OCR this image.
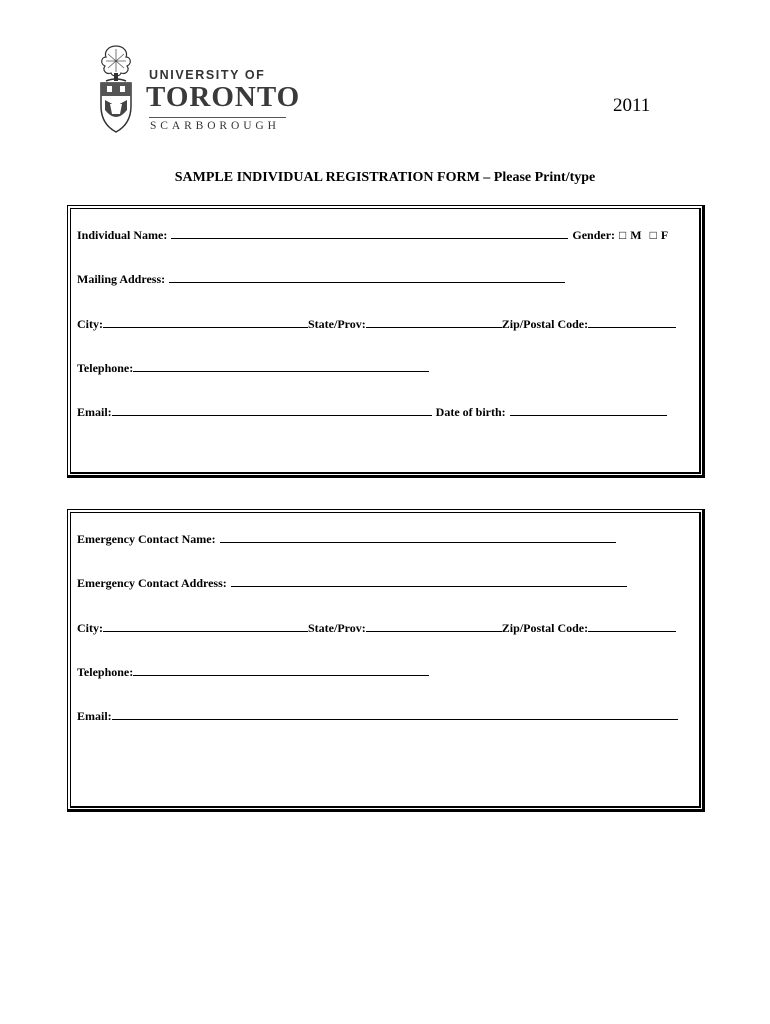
UNIVERSITY OF
TORONTO
SCARBOROUGH
2011
SAMPLE INDIVIDUAL REGISTRATION FORM – Please Print/type
Individual Name:	Gender: □ M □ F
Mailing Address:
City:	State/Prov:	Zip/Postal Code:
Telephone:
Email:	Date of birth:
Emergency Contact Name:
Emergency Contact Address:
City:	State/Prov:	Zip/Postal Code:
Telephone:
Email:
